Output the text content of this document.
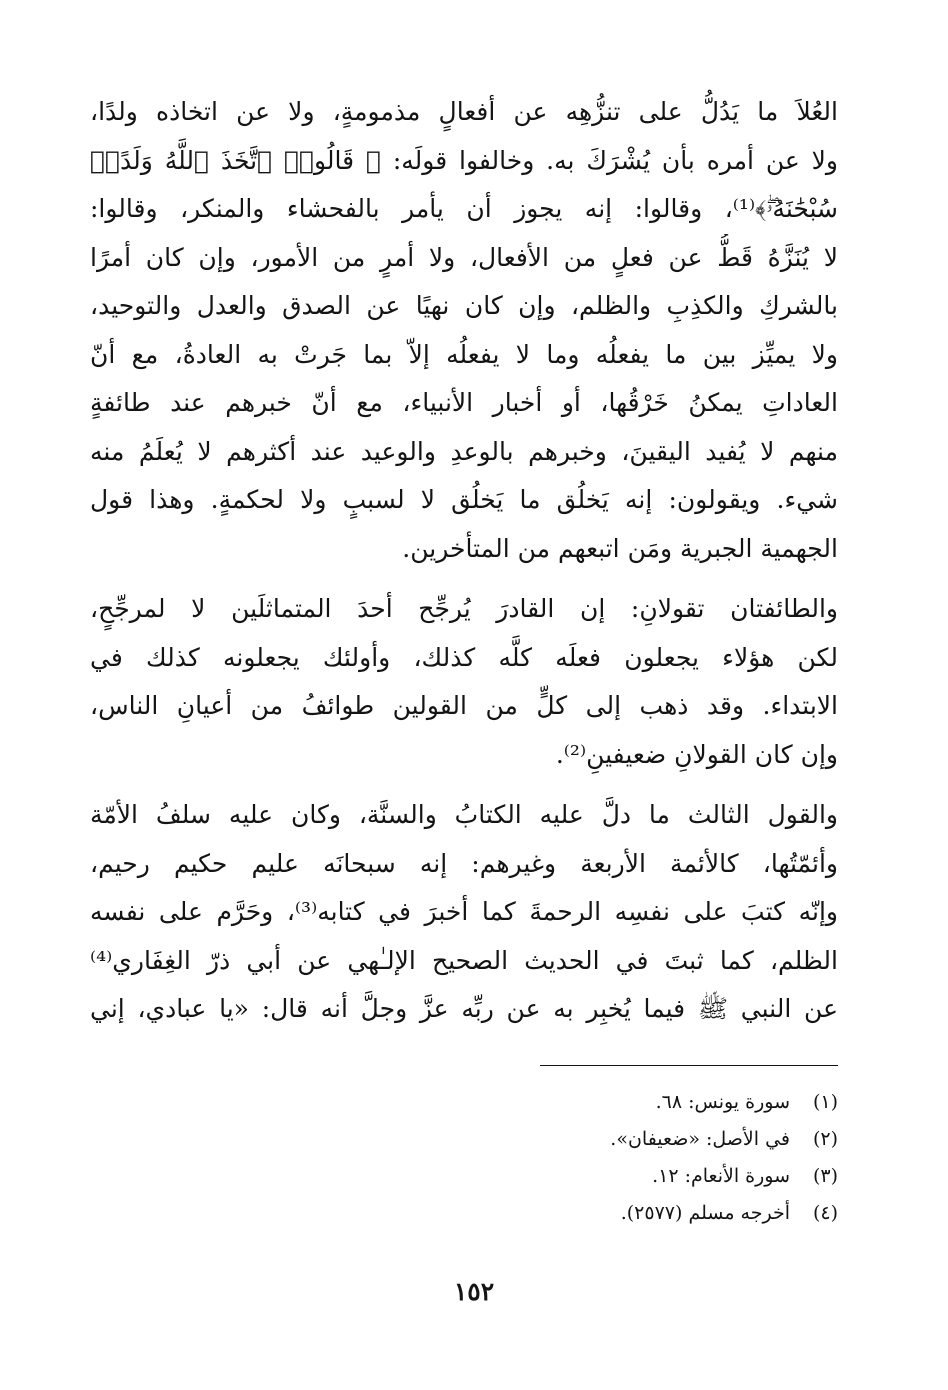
العُلاَ ما يَدُلُّ على تنزُّهِه عن أفعالٍ مذمومةٍ، ولا عن اتخاذه ولدًا،
ولا عن أمره بأن يُشْرَكَ به. وخالفوا قولَه: ﴿ قَالُوا۟ ٱتَّخَذَ ٱللَّهُ وَلَدًاۗ
سُبْحَٰنَهُۥۖ﴾⁽¹⁾، وقالوا: إنه يجوز أن يأمر بالفحشاء والمنكر، وقالوا:
لا يُنَزَّهُ قَطُّ عن فعلٍ من الأفعال، ولا أمرٍ من الأمور، وإن كان أمرًا
بالشركِ والكذِبِ والظلم، وإن كان نهيًا عن الصدق والعدل والتوحيد،
ولا يميِّز بين ما يفعلُه وما لا يفعلُه إلاّ بما جَرتْ به العادةُ، مع أنّ
العاداتِ يمكنُ خَرْقُها، أو أخبار الأنبياء، مع أنّ خبرهم عند طائفةٍ
منهم لا يُفيد اليقينَ، وخبرهم بالوعدِ والوعيد عند أكثرهم لا يُعلَمُ منه
شيء. ويقولون: إنه يَخلُق ما يَخلُق لا لسببٍ ولا لحكمةٍ. وهذا قول
الجهمية الجبرية ومَن اتبعهم من المتأخرين.
والطائفتان تقولانِ: إن القادرَ يُرجِّح أحدَ المتماثلَين لا لمرجِّحٍ،
لكن هؤلاء يجعلون فعلَه كلَّه كذلك، وأولئك يجعلونه كذلك في
الابتداء. وقد ذهب إلى كلٍّ من القولين طوائفُ من أعيانِ الناس،
وإن كان القولانِ ضعيفينِ⁽²⁾.
والقول الثالث ما دلَّ عليه الكتابُ والسنَّة، وكان عليه سلفُ الأمّة
وأئمّتُها، كالأئمة الأربعة وغيرهم: إنه سبحانَه عليم حكيم رحيم،
وإنّه كتبَ على نفسِه الرحمةَ كما أخبرَ في كتابه⁽³⁾، وحَرَّم على نفسه
الظلم، كما ثبتَ في الحديث الصحيح الإلـٰهي عن أبي ذرّ الغِفَاري⁽⁴⁾
عن النبي ﷺ فيما يُخبِر به عن ربِّه عزَّ وجلَّ أنه قال: «يا عبادي، إني
(١)
سورة يونس: ٦٨.
(٢)
في الأصل: «ضعيفان».
(٣)
سورة الأنعام: ١٢.
(٤)
أخرجه مسلم (٢٥٧٧).
١٥٢
